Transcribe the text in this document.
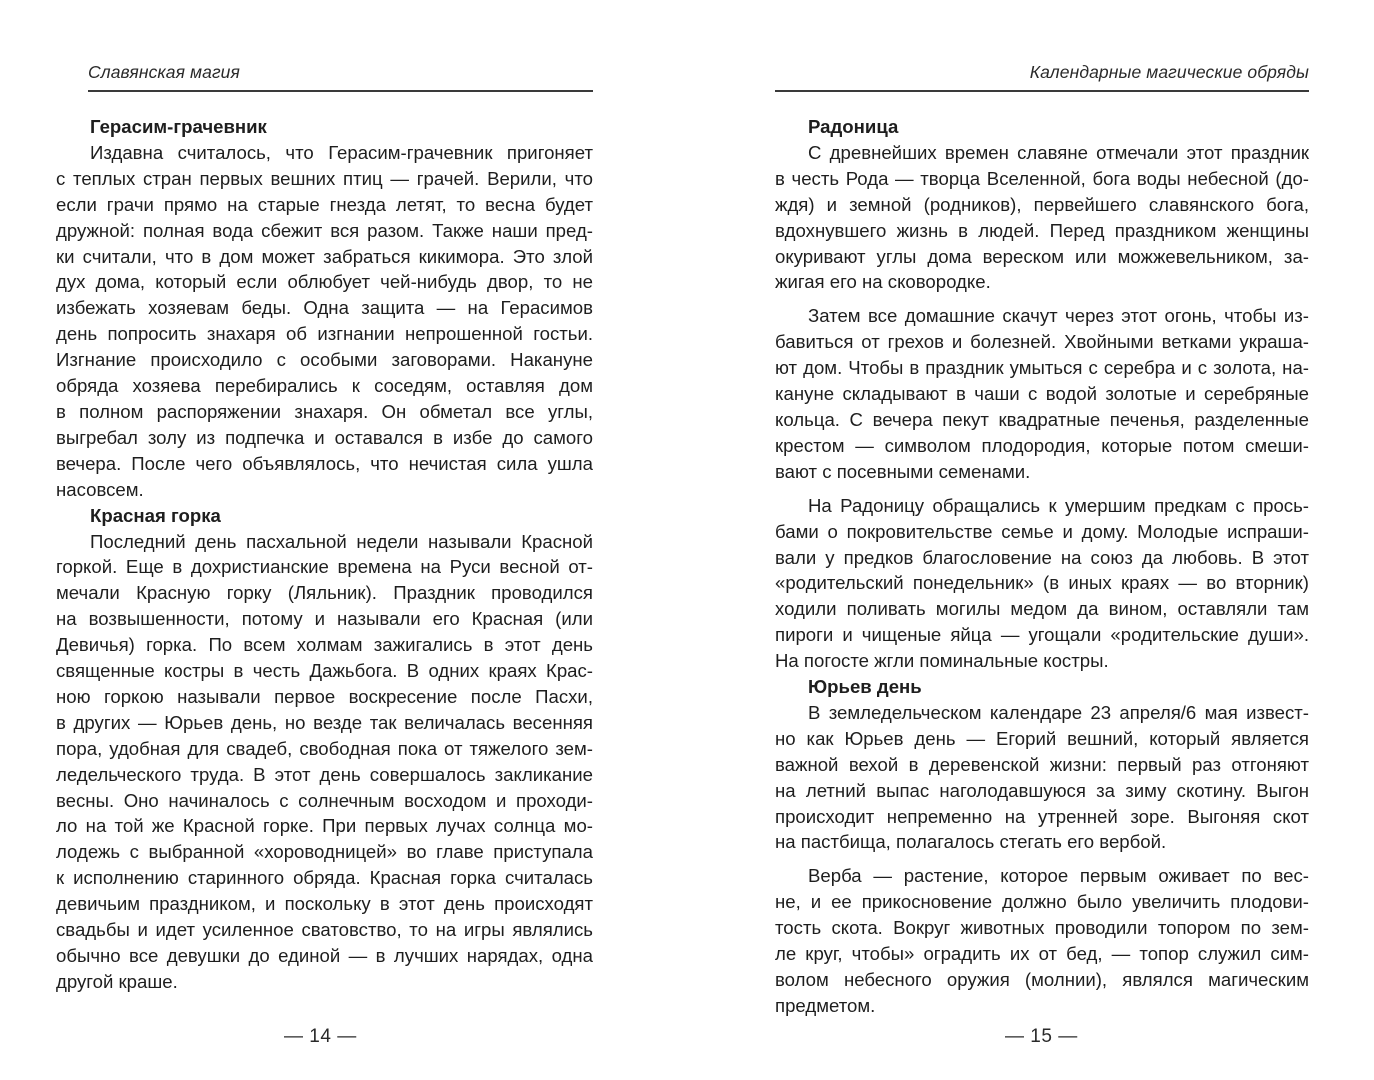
Славянская магия
Герасим-грачевник
Издавна считалось, что Герасим-грачевник пригоняет
с теплых стран первых вешних птиц — грачей. Верили, что
если грачи прямо на старые гнезда летят, то весна будет
дружной: полная вода сбежит вся разом. Также наши пред-
ки считали, что в дом может забраться кикимора. Это злой
дух дома, который если облюбует чей-нибудь двор, то не
избежать хозяевам беды. Одна защита — на Герасимов
день попросить знахаря об изгнании непрошенной гостьи.
Изгнание происходило с особыми заговорами. Накануне
обряда хозяева перебирались к соседям, оставляя дом
в полном распоряжении знахаря. Он обметал все углы,
выгребал золу из подпечка и оставался в избе до самого
вечера. После чего объявлялось, что нечистая сила ушла
насовсем.
Красная горка
Последний день пасхальной недели называли Красной
горкой. Еще в дохристианские времена на Руси весной от-
мечали Красную горку (Ляльник). Праздник проводился
на возвышенности, потому и называли его Красная (или
Девичья) горка. По всем холмам зажигались в этот день
священные костры в честь Дажьбога. В одних краях Крас-
ною горкою называли первое воскресение после Пасхи,
в других — Юрьев день, но везде так величалась весенняя
пора, удобная для свадеб, свободная пока от тяжелого зем-
ледельческого труда. В этот день совершалось закликание
весны. Оно начиналось с солнечным восходом и проходи-
ло на той же Красной горке. При первых лучах солнца мо-
лодежь с выбранной «хороводницей» во главе приступала
к исполнению старинного обряда. Красная горка считалась
девичьим праздником, и поскольку в этот день происходят
свадьбы и идет усиленное сватовство, то на игры являлись
обычно все девушки до единой — в лучших нарядах, одна
другой краше.
— 14 —
Календарные магические обряды
Радоница
С древнейших времен славяне отмечали этот праздник
в честь Рода — творца Вселенной, бога воды небесной (до-
ждя) и земной (родников), первейшего славянского бога,
вдохнувшего жизнь в людей. Перед праздником женщины
окуривают углы дома вереском или можжевельником, за-
жигая его на сковородке.
Затем все домашние скачут через этот огонь, чтобы из-
бавиться от грехов и болезней. Хвойными ветками украша-
ют дом. Чтобы в праздник умыться с серебра и с золота, на-
кануне складывают в чаши с водой золотые и серебряные
кольца. С вечера пекут квадратные печенья, разделенные
крестом — символом плодородия, которые потом смеши-
вают с посевными семенами.
На Радоницу обращались к умершим предкам с прось-
бами о покровительстве семье и дому. Молодые испраши-
вали у предков благословение на союз да любовь. В этот
«родительский понедельник» (в иных краях — во вторник)
ходили поливать могилы медом да вином, оставляли там
пироги и чищеные яйца — угощали «родительские души».
На погосте жгли поминальные костры.
Юрьев день
В земледельческом календаре 23 апреля/6 мая извест-
но как Юрьев день — Егорий вешний, который является
важной вехой в деревенской жизни: первый раз отгоняют
на летний выпас наголодавшуюся за зиму скотину. Выгон
происходит непременно на утренней зоре. Выгоняя скот
на пастбища, полагалось стегать его вербой.
Верба — растение, которое первым оживает по вес-
не, и ее прикосновение должно было увеличить плодови-
тость скота. Вокруг животных проводили топором по зем-
ле круг, чтобы» оградить их от бед, — топор служил сим-
волом небесного оружия (молнии), являлся магическим
предметом.
— 15 —
